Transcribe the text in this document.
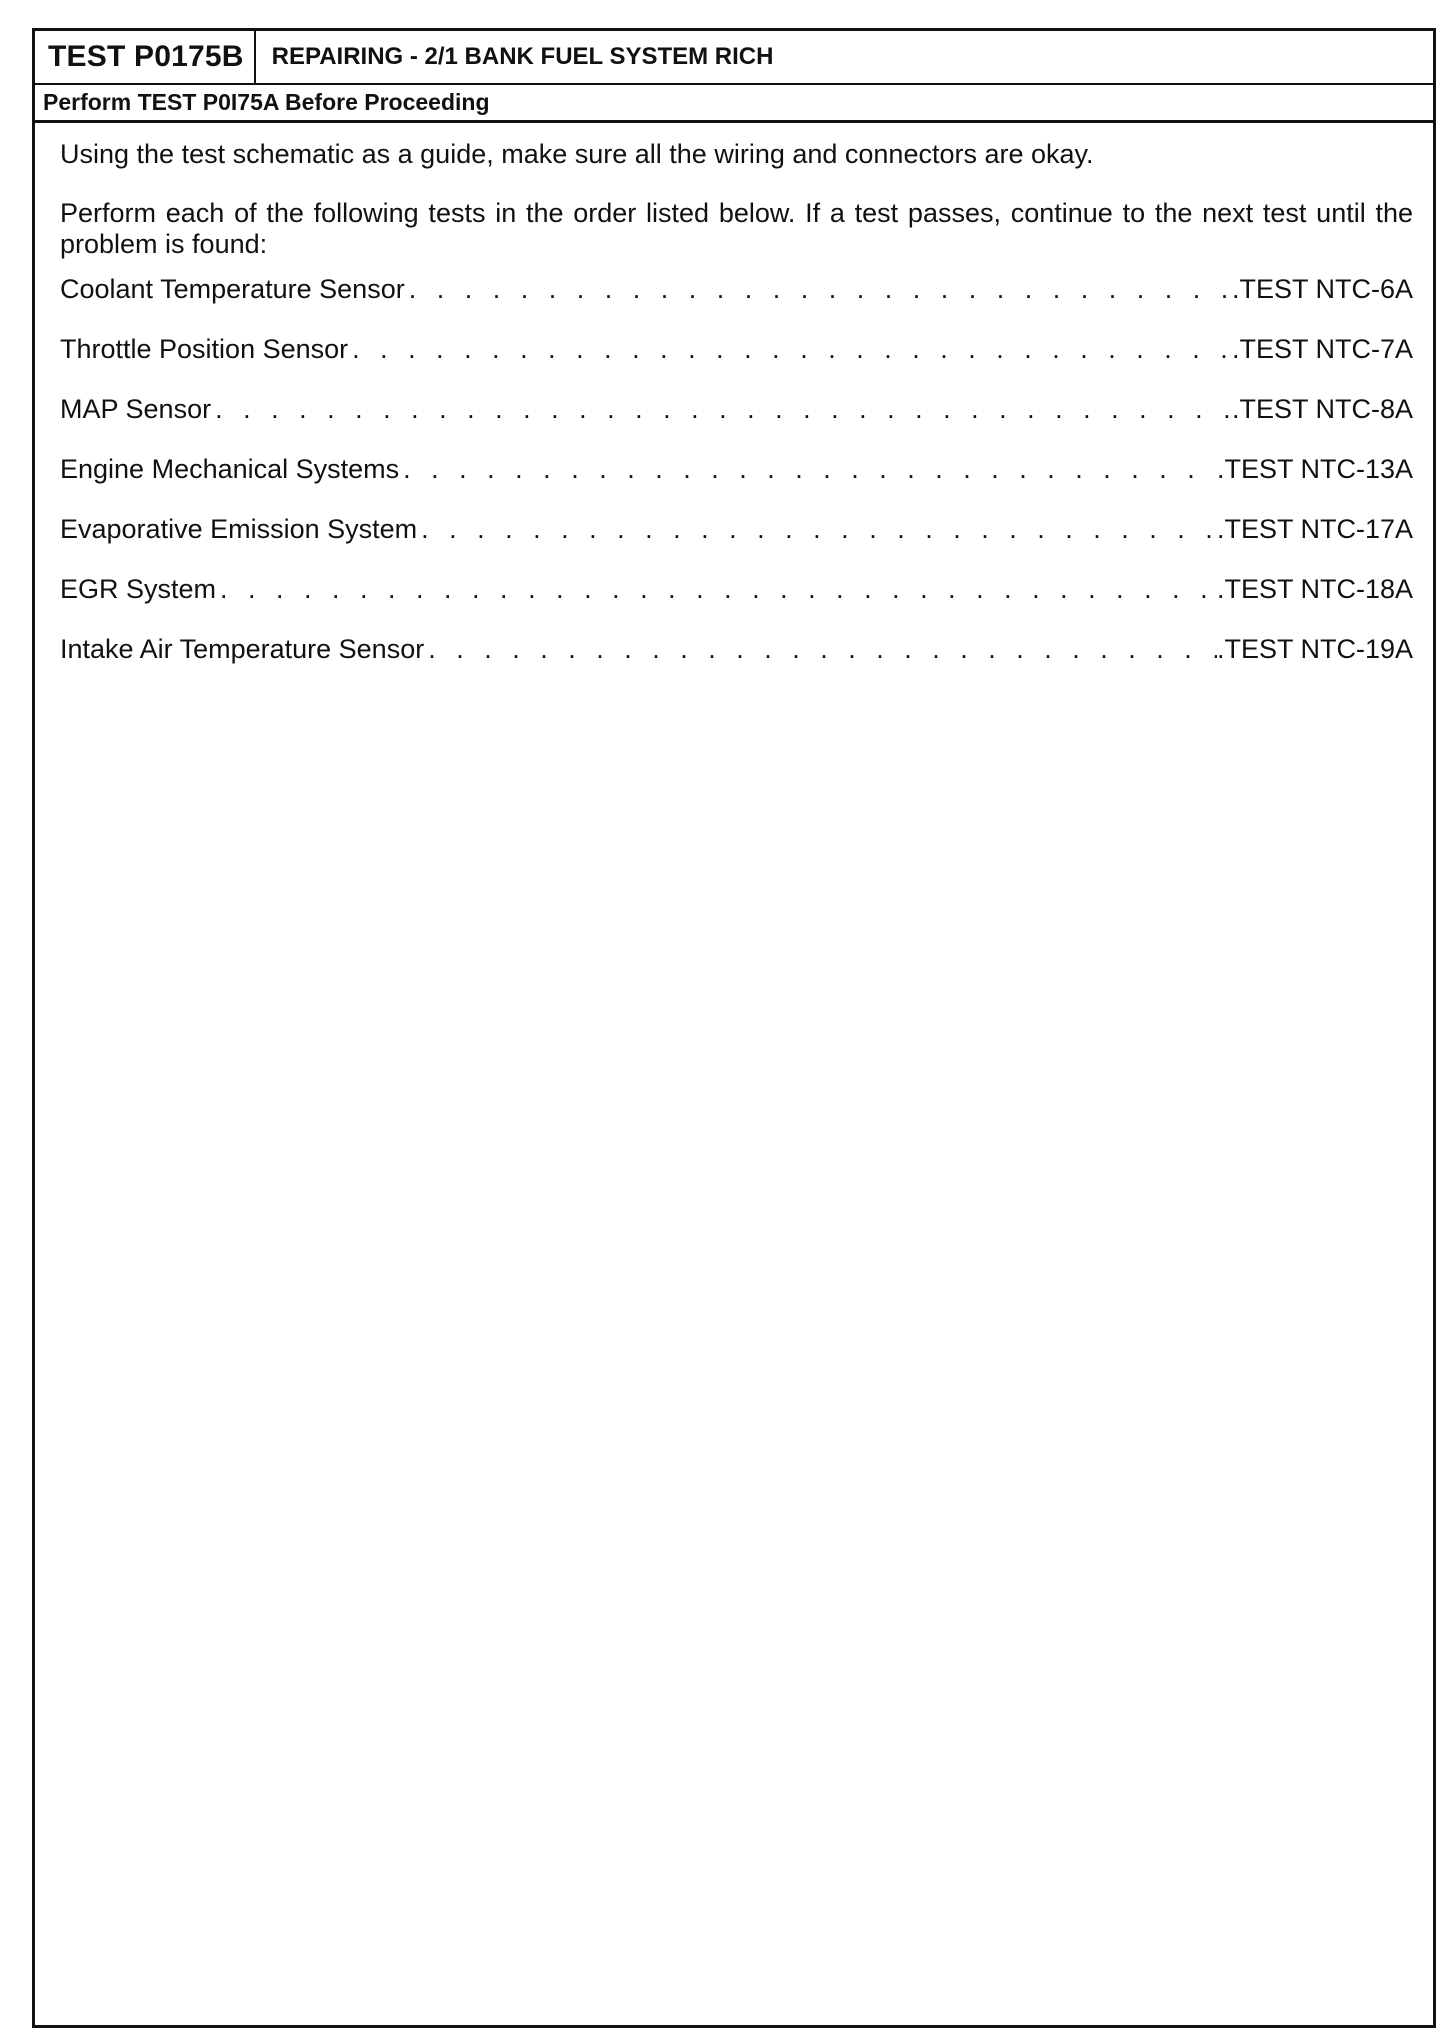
TEST P0175B	REPAIRING - 2/1 BANK FUEL SYSTEM RICH
Perform TEST P0I75A Before Proceeding

Using the test schematic as a guide, make sure all the wiring and connectors are okay.

Perform each of the following tests in the order listed below. If a test passes, continue to the next test until the problem is found:

Coolant Temperature Sensor . . .	.TEST NTC-6A
Throttle Position Sensor . . .	.TEST NTC-7A
MAP Sensor . . .	.TEST NTC-8A
Engine Mechanical Systems . . .	.TEST NTC-13A
Evaporative Emission System . . .	.TEST NTC-17A
EGR System . . .	.TEST NTC-18A
Intake Air Temperature Sensor . . .	.TEST NTC-19A
